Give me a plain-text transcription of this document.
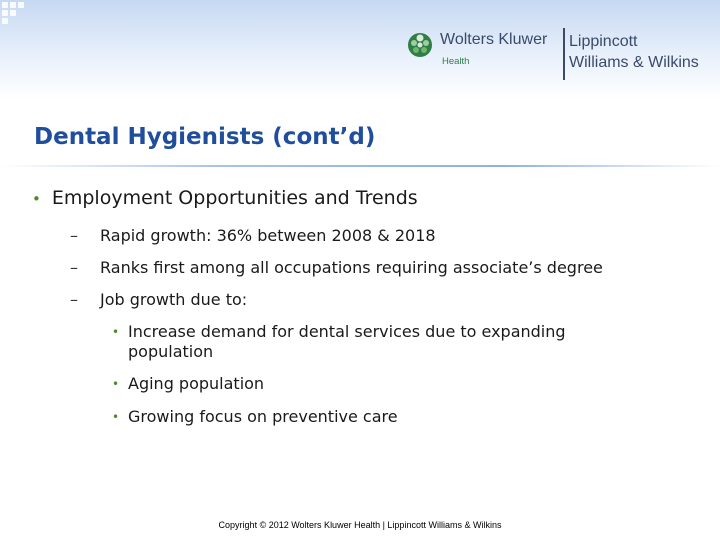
Wolters Kluwer
Health
Lippincott
Williams & Wilkins
Dental Hygienists (cont’d)
• Employment Opportunities and Trends
– Rapid growth: 36% between 2008 & 2018
– Ranks first among all occupations requiring associate’s degree
– Job growth due to:
• Increase demand for dental services due to expanding population
• Aging population
• Growing focus on preventive care
Copyright © 2012 Wolters Kluwer Health | Lippincott Williams & Wilkins
